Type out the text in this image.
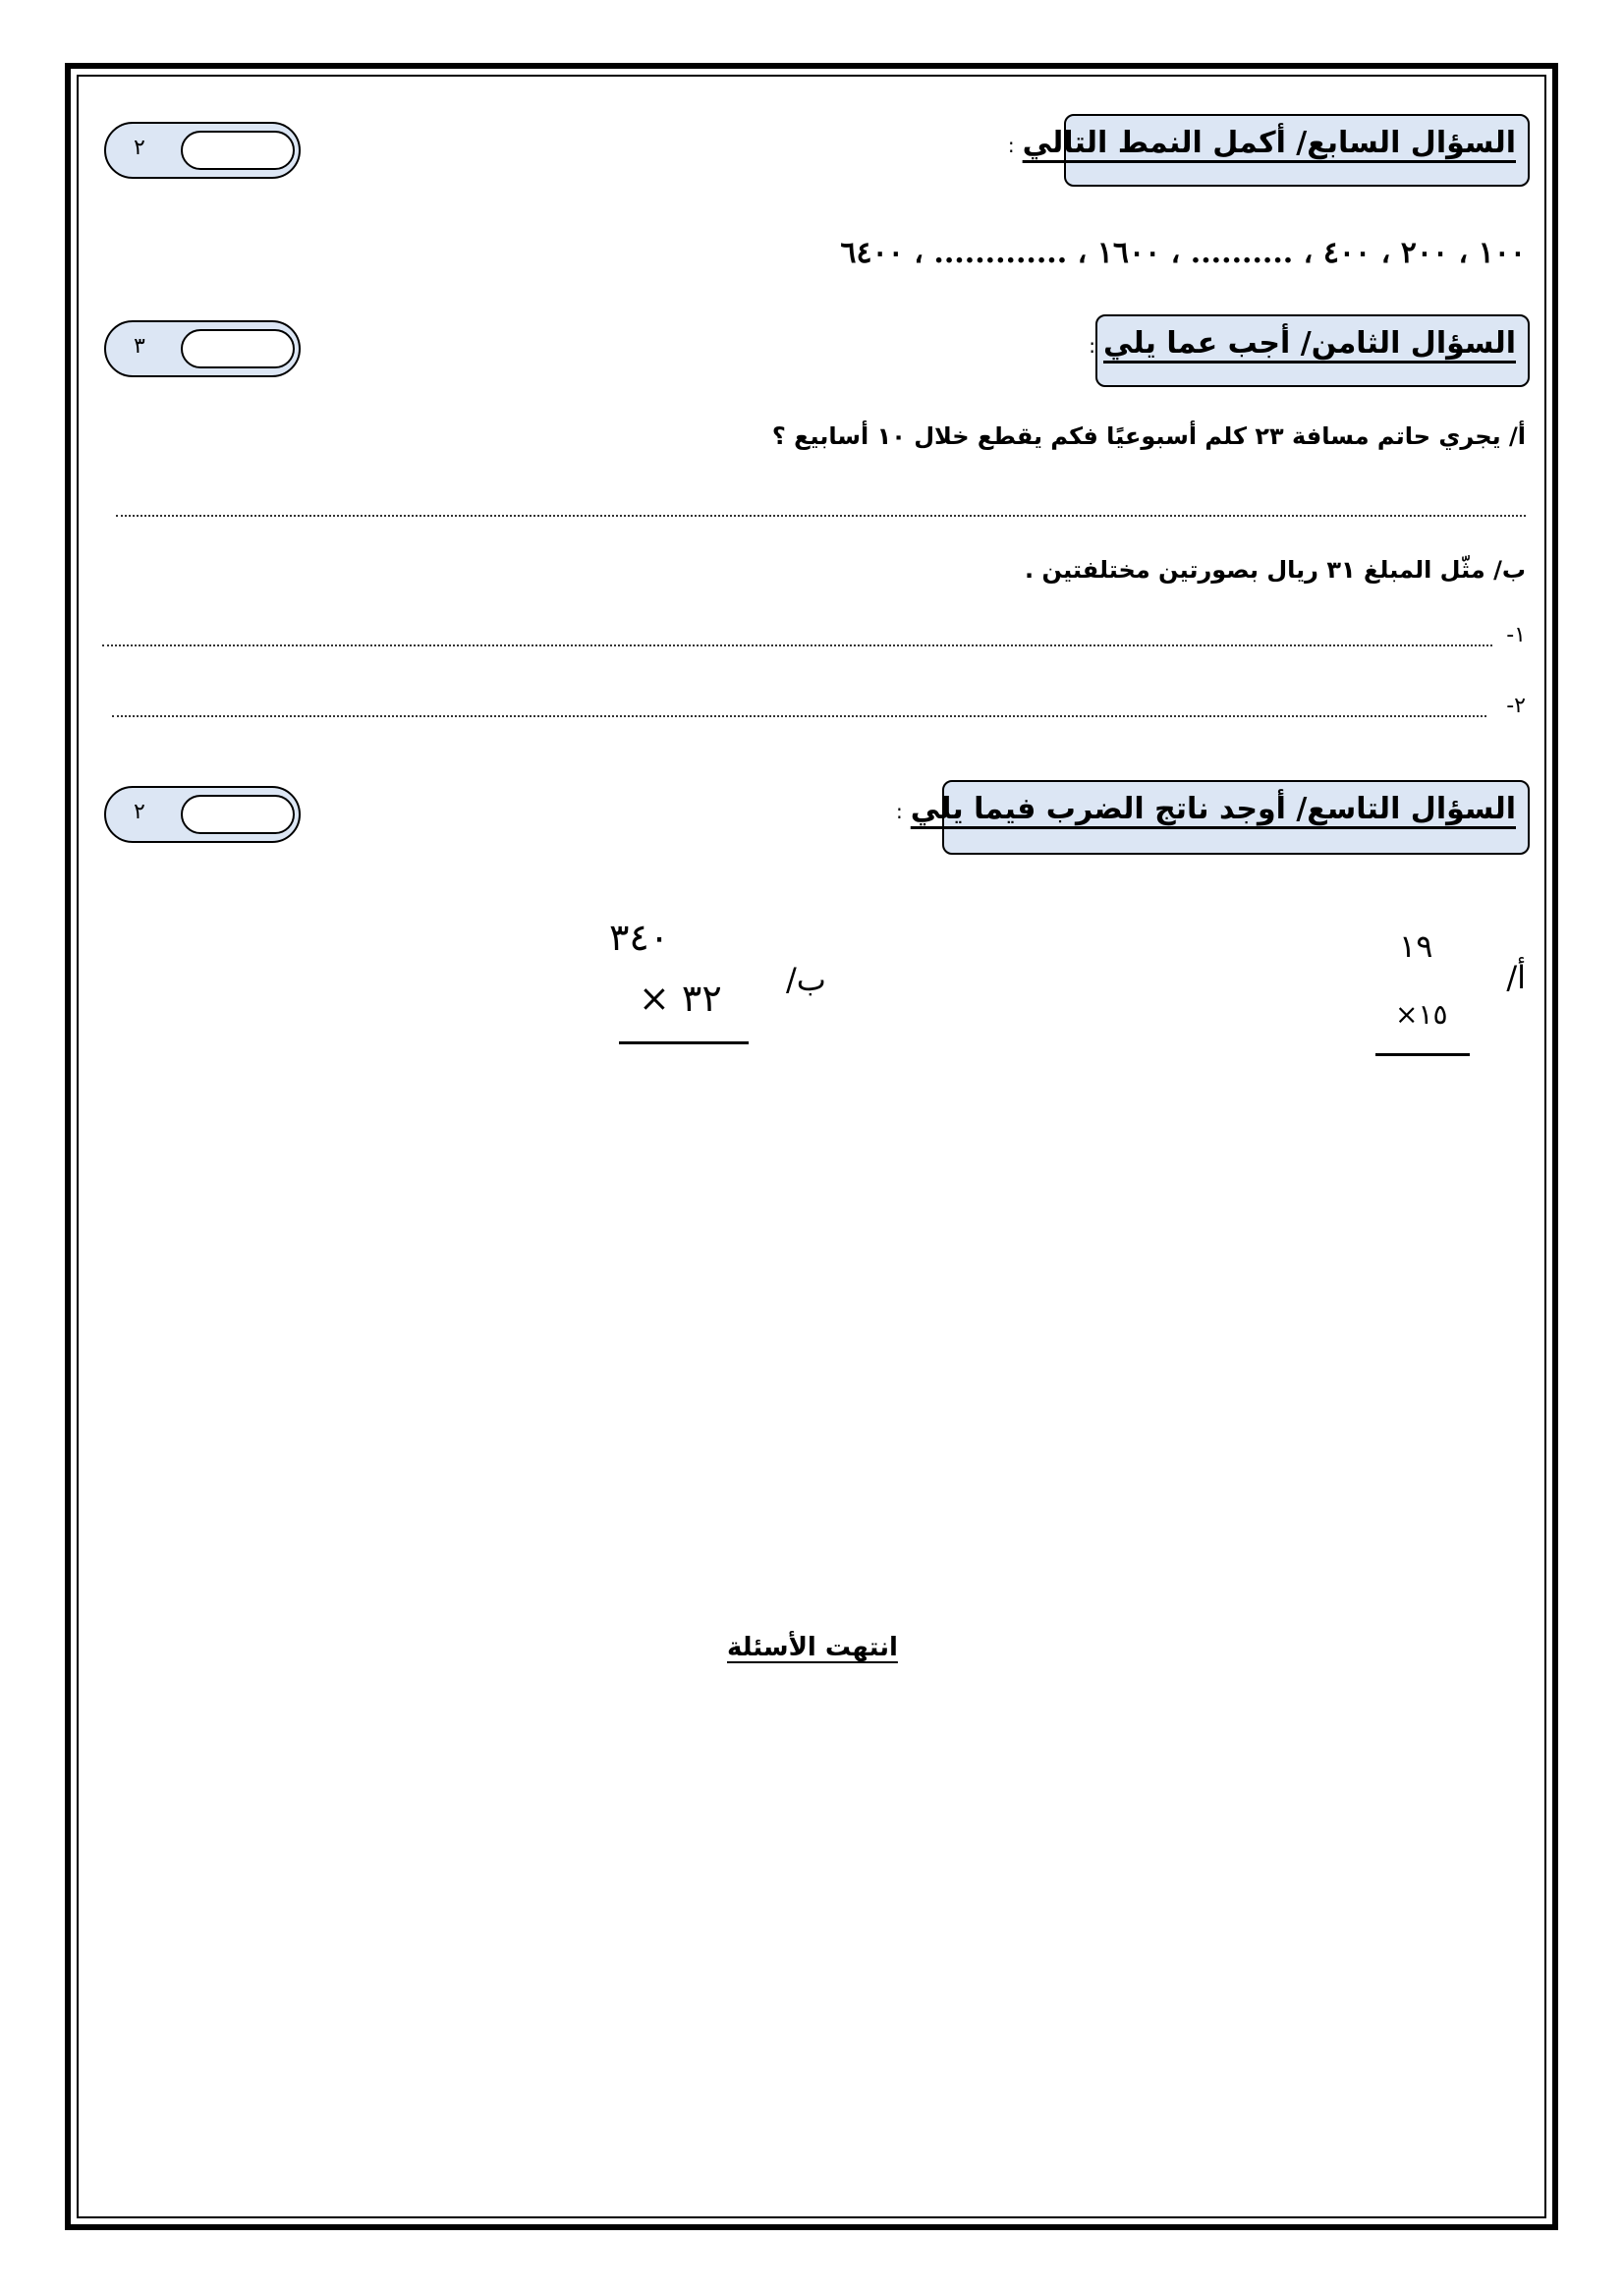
السؤال السابع/ أكمل النمط التالي:
٢
١٠٠ ، ٢٠٠ ، ٤٠٠ ، .......... ، ١٦٠٠ ، ............. ، ٦٤٠٠
السؤال الثامن/ أجب عما يلي:
٣
أ/ يجري حاتم مسافة ٢٣ كلم أسبوعيًا فكم يقطع خلال ١٠ أسابيع ؟
ب/ مثّل المبلغ ٣١ ريال بصورتين مختلفتين .
١-
٢-
السؤال التاسع/ أوجد ناتج الضرب فيما يلي:
٢
أ/
١٩
١٥×
ب/
٣٤٠
٣٢ ×
انتهت الأسئلة
